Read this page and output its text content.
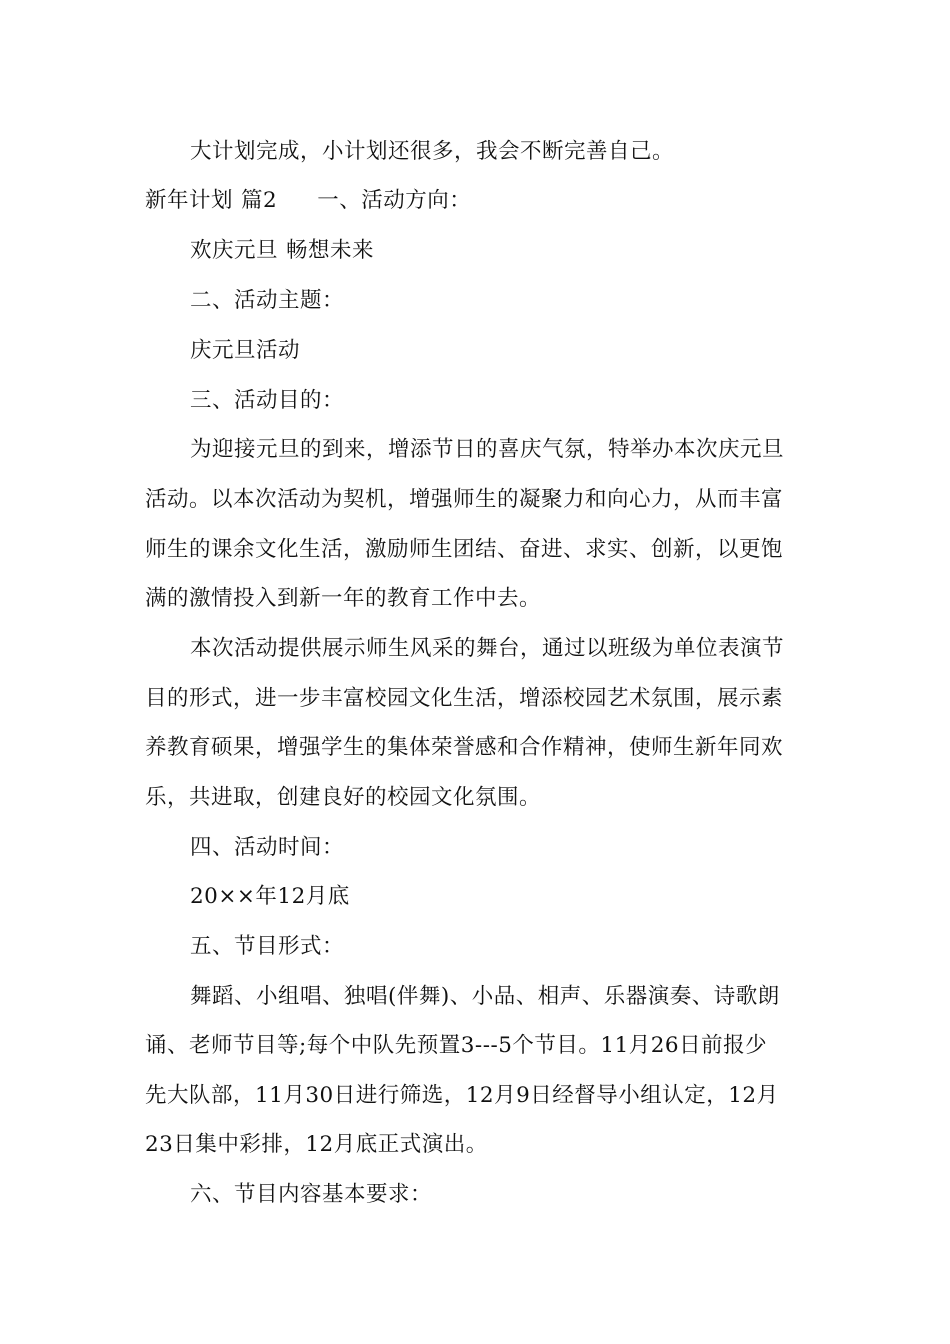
大计划完成，小计划还很多，我会不断完善自己。
新年计划 篇2 一、活动方向：
欢庆元旦 畅想未来
二、活动主题：
庆元旦活动
三、活动目的：
为迎接元旦的到来，增添节日的喜庆气氛，特举办本次庆元旦
活动。以本次活动为契机，增强师生的凝聚力和向心力，从而丰富
师生的课余文化生活，激励师生团结、奋进、求实、创新，以更饱
满的激情投入到新一年的教育工作中去。
本次活动提供展示师生风采的舞台，通过以班级为单位表演节
目的形式，进一步丰富校园文化生活，增添校园艺术氛围，展示素
养教育硕果，增强学生的集体荣誉感和合作精神，使师生新年同欢
乐，共进取，创建良好的校园文化氛围。
四、活动时间：
20××年12月底
五、节目形式：
舞蹈、小组唱、独唱(伴舞)、小品、相声、乐器演奏、诗歌朗
诵、老师节目等;每个中队先预置3---5个节目。11月26日前报少
先大队部，11月30日进行筛选，12月9日经督导小组认定，12月
23日集中彩排，12月底正式演出。
六、节目内容基本要求：
